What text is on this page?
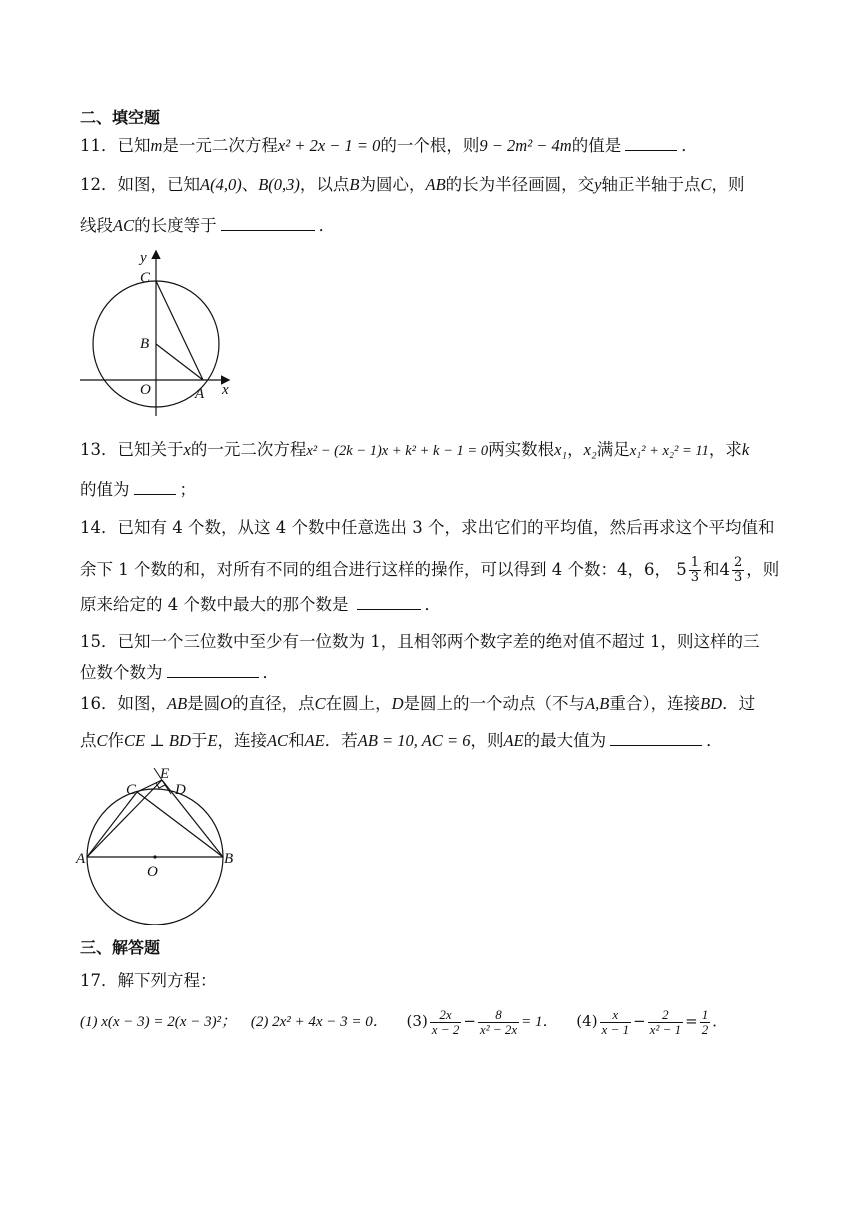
二、填空题
11．已知m是一元二次方程x² + 2x − 1 = 0的一个根，则9 − 2m² − 4m的值是	．
12．如图，已知A(4,0)、B(0,3)，以点B为圆心，AB的长为半径画圆，交y轴正半轴于点C，则
线段AC的长度等于	．
y
C
B
O	A x
13．已知关于x的一元二次方程x² − (2k − 1)x + k² + k − 1 = 0两实数根x₁，x₂满足x₁² + x₂² = 11，求k
的值为	；
14．已知有 4 个数，从这 4 个数中任意选出 3 个，求出它们的平均值，然后再求这个平均值和
余下 1 个数的和，对所有不同的组合进行这样的操作，可以得到 4 个数：4，6， $5 \frac{1}{3}$ 和$4 \frac{2}{3}$ ，则
原来给定的 4 个数中最大的那个数是	．
15．已知一个三位数中至少有一位数为 1，且相邻两个数字差的绝对值不超过 1，则这样的三
位数个数为	．
16．如图，AB是圆O的直径，点C在圆上，D是圆上的一个动点（不与A,B重合），连接BD．过
点C作CE ⊥ BD于E，连接AC和AE．若AB = 10, AC = 6，则AE的最大值为	．
E
C	D
A	B
O
三、解答题
17．解下列方程：
(1) x(x − 3) = 2(x − 3)²； (2) 2x² + 4x − 3 = 0． $(3) \frac{2x}{x - 2} - \frac{8}{\text{x² − 2x}} = 1$． $(4) \frac{x}{x - 1} - \frac{2}{\text{x² − 1}} = \frac{1}{2}$ ．
